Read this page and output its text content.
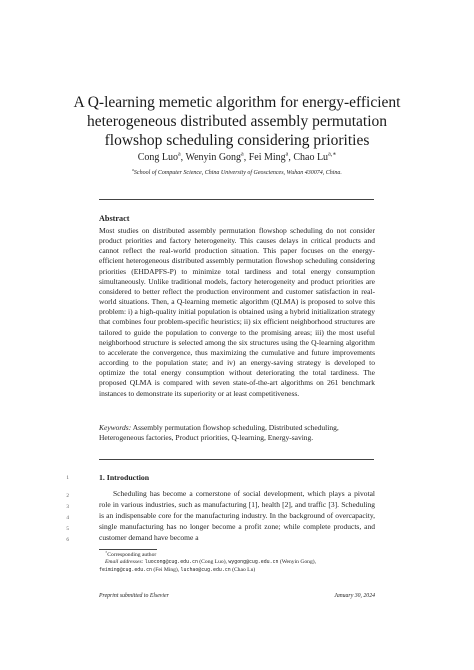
A Q-learning memetic algorithm for energy-efficient
heterogeneous distributed assembly permutation
flowshop scheduling considering priorities
Cong Luo$^a$, Wenyin Gong$^a$, Fei Ming$^a$, Chao $Lu^{a,∗}$
$^a$School of Computer Science, China University of Geosciences, Wuhan 430074, China.
Abstract
Most studies on distributed assembly permutation flowshop scheduling do not consider product priorities and factory heterogeneity. This causes delays in critical products and cannot reflect the real-world production situation. This paper focuses on the energy-efficient heterogeneous distributed assembly permutation flowshop scheduling considering priorities (EHDAPFS-P) to minimize total tardiness and total energy consumption simultaneously. Unlike traditional models, factory heterogeneity and product priorities are considered to better reflect the production environment and customer satisfaction in real-world situations. Then, a Q-learning memetic algorithm (QLMA) is proposed to solve this problem: i) a high-quality initial population is obtained using a hybrid initialization strategy that combines four problem-specific heuristics; ii) six efficient neighborhood structures are tailored to guide the population to converge to the promising areas; iii) the most useful neighborhood structure is selected among the six structures using the Q-learning algorithm to accelerate the convergence, thus maximizing the cumulative and future improvements according to the population state; and iv) an energy-saving strategy is developed to optimize the total energy consumption without deteriorating the total tardiness. The proposed QLMA is compared with seven state-of-the-art algorithms on 261 benchmark instances to demonstrate its superiority or at least competitiveness.
Keywords: Assembly permutation flowshop scheduling, Distributed scheduling, Heterogeneous factories, Product priorities, Q-learning, Energy-saving.
1
2
3
4
5
6
1. Introduction
Scheduling has become a cornerstone of social development, which plays a pivotal role in various industries, such as manufacturing [1], health [2], and traffic [3]. Scheduling is an indispensable core for the manufacturing industry. In the background of overcapacity, single manufacturing has no longer become a profit zone; while complete products, and customer demand have become a
∗Corresponding author
Email addresses: luocong@cug.edu.cn (Cong Luo), wygong@cug.edu.cn (Wenyin Gong),
feiming@cug.edu.cn (Fei Ming), luchao@cug.edu.cn (Chao Lu)
Preprint submitted to Elsevier	January 30, 2024
